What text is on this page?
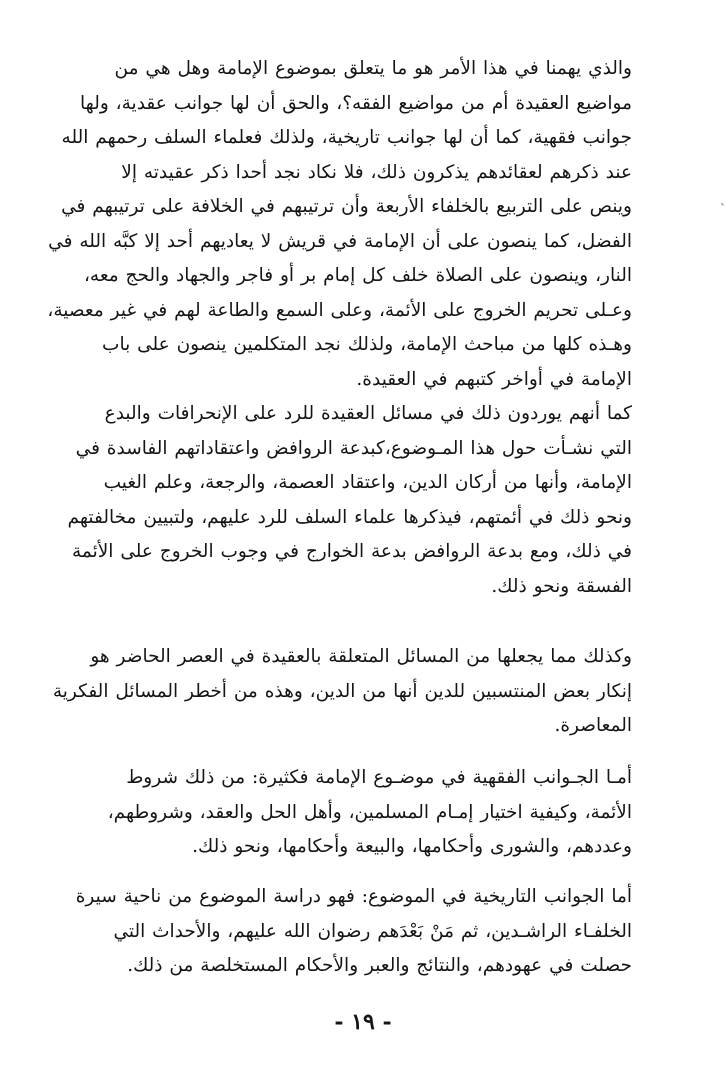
والذي يهمنا في هذا الأمر هو ما يتعلق بموضوع الإمامة وهل هي من
مواضيع العقيدة أم من مواضيع الفقه؟، والحق أن لها جوانب عقدية، ولها
جوانب فقهية، كما أن لها جوانب تاريخية، ولذلك فعلماء السلف رحمهم الله
عند ذكرهم لعقائدهم يذكرون ذلك، فلا نكاد نجد أحدا ذكر عقيدته إلا
وينص على التربيع بالخلفاء الأربعة وأن ترتيبهم في الخلافة على ترتيبهم في
الفضل، كما ينصون على أن الإمامة في قريش لا يعاديهم أحد إلا كبَّه الله في
النار، وينصون على الصلاة خلف كل إمام بر أو فاجر والجهاد والحج معه،
وعـلى تحريم الخروج على الأئمة، وعلى السمع والطاعة لهم في غير معصية،
وهـذه كلها من مباحث الإمامة، ولذلك نجد المتكلمين ينصون على باب
الإمامة في أواخر كتبهم في العقيدة.
كما أنهم يوردون ذلك في مسائل العقيدة للرد على الإنحرافات والبدع
التي نشـأت حول هذا المـوضوع،كبدعة الروافض واعتقاداتهم الفاسدة في
الإمامة، وأنها من أركان الدين، واعتقاد العصمة، والرجعة، وعلم الغيب
ونحو ذلك في أئمتهم، فيذكرها علماء السلف للرد عليهم، ولتبيين مخالفتهم
في ذلك، ومع بدعة الروافض بدعة الخوارج في وجوب الخروج على الأئمة
الفسقة ونحو ذلك.
وكذلك مما يجعلها من المسائل المتعلقة بالعقيدة في العصر الحاضر هو
إنكار بعض المنتسبين للدين أنها من الدين، وهذه من أخطر المسائل الفكرية
المعاصرة.
أمـا الجـوانب الفقهية في موضـوع الإمامة فكثيرة: من ذلك شروط
الأئمة، وكيفية اختيار إمـام المسلمين، وأهل الحل والعقد، وشروطهم،
وعددهم، والشورى وأحكامها، والبيعة وأحكامها، ونحو ذلك.
أما الجوانب التاريخية في الموضوع: فهو دراسة الموضوع من ناحية سيرة
الخلفـاء الراشـدين، ثم مَنْ بَعْدَهم رضوان الله عليهم، والأحداث التي
حصلت في عهودهم، والنتائج والعبر والأحكام المستخلصة من ذلك.
- ١٩ -
`
